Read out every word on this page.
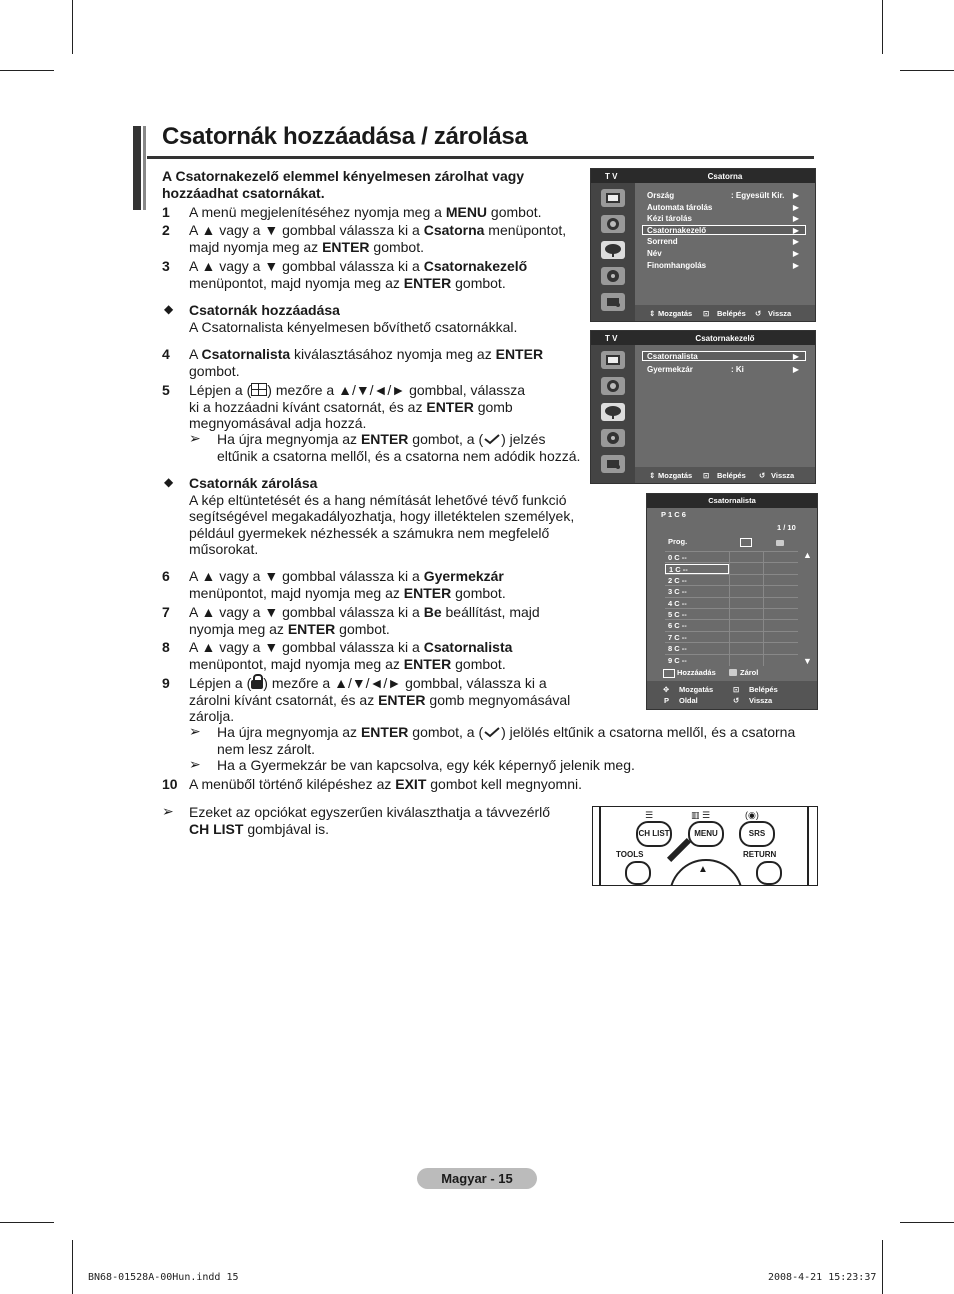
Csatornák hozzáadása / zárolása
A Csatornakezelő elemmel kényelmesen zárolhat vagy hozzáadhat csatornákat.
1 A menü megjelenítéséhez nyomja meg a MENU gombot.
2 A ▲ vagy a ▼ gombbal válassza ki a Csatorna menüpontot,
majd nyomja meg az ENTER gombot.
3 A ▲ vagy a ▼ gombbal válassza ki a Csatornakezelő
menüpontot, majd nyomja meg az ENTER gombot.
◆ Csatornák hozzáadása
A Csatornalista kényelmesen bővíthető csatornákkal.
4 A Csatornalista kiválasztásához nyomja meg az ENTER
gombot.
5 Lépjen a ( ) mezőre a ▲/▼/◄/► gombbal, válassza
ki a hozzáadni kívánt csatornát, és az ENTER gomb
megnyomásával adja hozzá.
➢ Ha újra megnyomja az ENTER gombot, a ( ) jelzés
eltűnik a csatorna mellől, és a csatorna nem adódik hozzá.
◆ Csatornák zárolása
A kép eltüntetését és a hang némítását lehetővé tévő funkció
segítségével megakadályozhatja, hogy illetéktelen személyek,
például gyermekek nézhessék a számukra nem megfelelő
műsorokat.
6 A ▲ vagy a ▼ gombbal válassza ki a Gyermekzár
menüpontot, majd nyomja meg az ENTER gombot.
7 A ▲ vagy a ▼ gombbal válassza ki a Be beállítást, majd
nyomja meg az ENTER gombot.
8 A ▲ vagy a ▼ gombbal válassza ki a Csatornalista
menüpontot, majd nyomja meg az ENTER gombot.
9 Lépjen a ( ) mezőre a ▲/▼/◄/► gombbal, válassza ki a
zárolni kívánt csatornát, és az ENTER gomb megnyomásával
zárolja.
➢ Ha újra megnyomja az ENTER gombot, a ( ) jelölés eltűnik a csatorna mellől, és a csatorna
nem lesz zárolt.
➢ Ha a Gyermekzár be van kapcsolva, egy kék képernyő jelenik meg.
10 A menüből történő kilépéshez az EXIT gombot kell megnyomni.
➢ Ezeket az opciókat egyszerűen kiválaszthatja a távvezérlő
CH LIST gombjával is.
T V	Csatorna
Ország	: Egyesült Kir. ▶
Automata tárolás	▶
Kézi tárolás	▶
Csatornakezelő	▶
Sorrend	▶
Név	▶
Finomhangolás	▶
⇕ Mozgatás ⊡ Belépés ↺ Vissza
T V	Csatornakezelő
Csatornalista	▶
Gyermekzár	: Ki	▶
⇕ Mozgatás ⊡ Belépés ↺ Vissza
Csatornalista
P 1 C 6
1 / 10
Prog.
▲
▼
0 C --
1 C --
2 C --
3 C --
4 C --
5 C --
6 C --
7 C --
8 C --
9 C --
Hozzáadás	Zárol
✥ Mozgatás	⊡ Belépés
P Oldal	↺ Vissza
☰	▥ ☰	(◉)
CH LIST	MENU	SRS
TOOLS	RETURN
▲
Magyar - 15
BN68-01528A-00Hun.indd 15	2008-4-21 15:23:37
